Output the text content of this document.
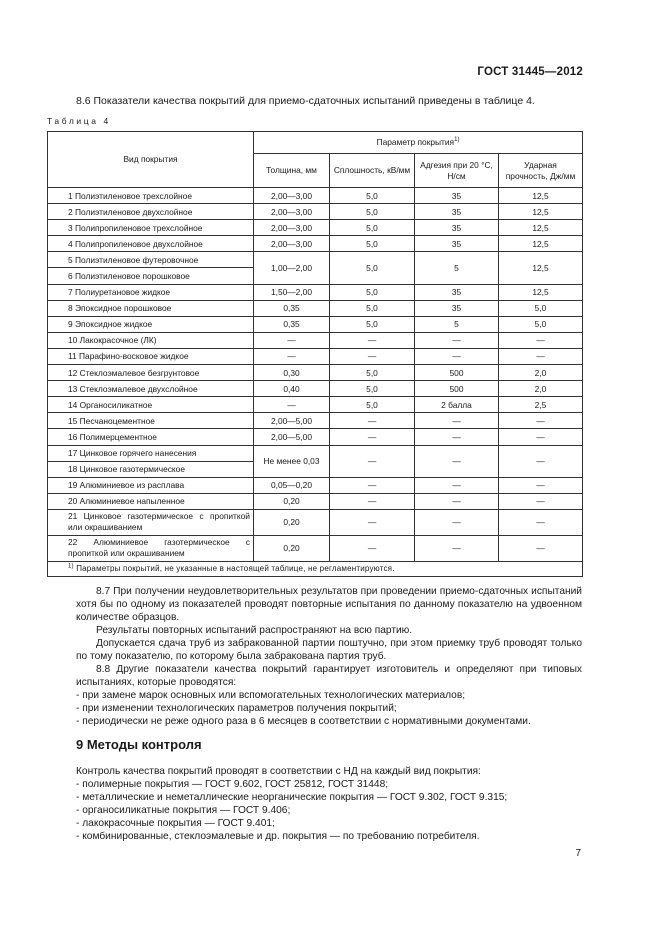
ГОСТ 31445—2012
8.6 Показатели качества покрытий для приемо-сдаточных испытаний приведены в таблице 4.
Таблица 4
Вид покрытия	Параметр покрытия$^{1)}$
	Толщина, мм	Сплошность, кВ/мм	Адгезия при 20 °С, Н/см	Ударная прочность, Дж/мм
1 Полиэтиленовое трехслойное	2,00—3,00	5,0	35	12,5
2 Полиэтиленовое двухслойное	2,00—3,00	5,0	35	12,5
3 Полипропиленовое трехслойное	2,00—3,00	5,0	35	12,5
4 Полипропиленовое двухслойное	2,00—3,00	5,0	35	12,5
5 Полиэтиленовое футеровочное	1,00—2,00	5,0	5	12,5
6 Полиэтиленовое порошковое				
7 Полиуретановое жидкое	1,50—2,00	5,0	35	12,5
8 Эпоксидное порошковое	0,35	5,0	35	5,0
9 Эпоксидное жидкое	0,35	5,0	5	5,0
10 Лакокрасочное (ЛК)	—	—	—	—
11 Парафино-восковое жидкое	—	—	—	—
12 Стеклоэмалевое безгрунтовое	0,30	5,0	500	2,0
13 Стеклоэмалевое двухслойное	0,40	5,0	500	2,0
14 Органосиликатное	—	5,0	2 балла	2,5
15 Песчаноцементное	2,00—5,00	—	—	—
16 Полимерцементное	2,00—5,00	—	—	—
17 Цинковое горячего нанесения	Не менее 0,03	—	—	—
18 Цинковое газотермическое				
19 Алюминиевое из расплава	0,05—0,20	—	—	—
20 Алюминиевое напыленное	0,20	—	—	—
21 Цинковое газотермическое с пропиткой или окрашиванием	0,20	—	—	—
22 Алюминиевое газотермическое с пропиткой или окрашиванием	0,20	—	—	—
$^{1)}$ Параметры покрытий, не указанные в настоящей таблице, не регламентируются.				

8.7 При получении неудовлетворительных результатов при проведении приемо-сдаточных испытаний хотя бы по одному из показателей проводят повторные испытания по данному показателю на удвоенном количестве образцов.

Результаты повторных испытаний распространяют на всю партию.

Допускается сдача труб из забракованной партии поштучно, при этом приемку труб проводят только по тому показателю, по которому была забракована партия труб.

8.8 Другие показатели качества покрытий гарантирует изготовитель и определяют при типовых испытаниях, которые проводятся:

- при замене марок основных или вспомогательных технологических материалов;

- при изменении технологических параметров получения покрытий;

- периодически не реже одного раза в 6 месяцев в соответствии с нормативными документами.

9 Методы контроля

Контроль качества покрытий проводят в соответствии с НД на каждый вид покрытия:

- полимерные покрытия — ГОСТ 9.602, ГОСТ 25812, ГОСТ 31448;

- металлические и неметаллические неорганические покрытия — ГОСТ 9.302, ГОСТ 9.315;

- органосиликатные покрытия — ГОСТ 9.406;

- лакокрасочные покрытия — ГОСТ 9.401;

- комбинированные, стеклоэмалевые и др. покрытия — по требованию потребителя.

7
